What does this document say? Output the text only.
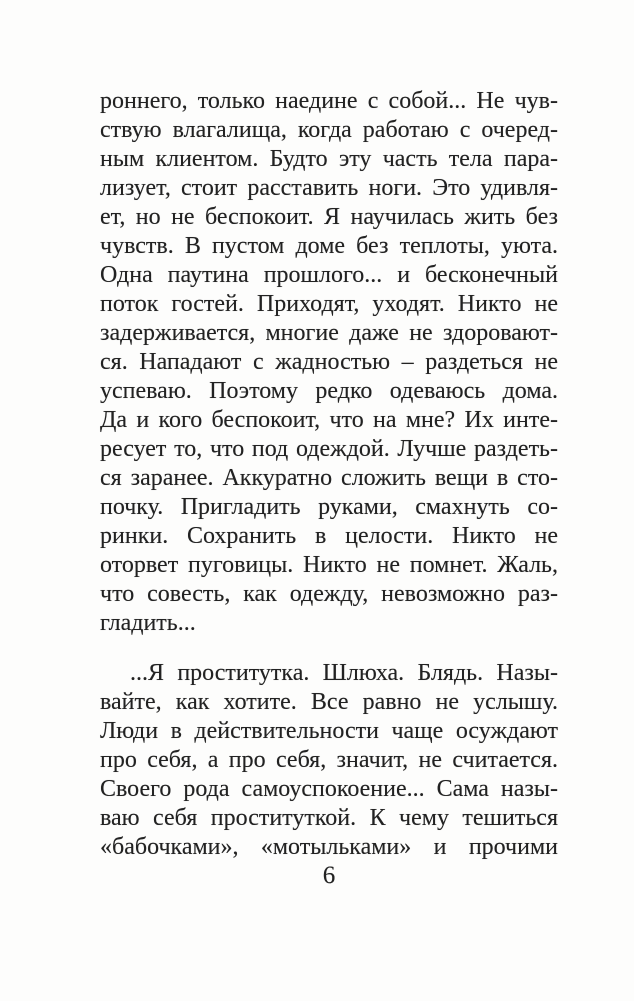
роннего, только наедине с собой... Не чув-
ствую влагалища, когда работаю с очеред-
ным клиентом. Будто эту часть тела пара-
лизует, стоит расставить ноги. Это удивля-
ет, но не беспокоит. Я научилась жить без
чувств. В пустом доме без теплоты, уюта.
Одна паутина прошлого... и бесконечный
поток гостей. Приходят, уходят. Никто не
задерживается, многие даже не здоровают-
ся. Нападают с жадностью – раздеться не
успеваю. Поэтому редко одеваюсь дома.
Да и кого беспокоит, что на мне? Их инте-
ресует то, что под одеждой. Лучше раздеть-
ся заранее. Аккуратно сложить вещи в сто-
почку. Пригладить руками, смахнуть со-
ринки. Сохранить в целости. Никто не
оторвет пуговицы. Никто не помнет. Жаль,
что совесть, как одежду, невозможно раз-
гладить...
...Я проститутка. Шлюха. Блядь. Назы-
вайте, как хотите. Все равно не услышу.
Люди в действительности чаще осуждают
про себя, а про себя, значит, не считается.
Своего рода самоуспокоение... Сама назы-
ваю себя проституткой. К чему тешиться
«бабочками», «мотыльками» и прочими
6
